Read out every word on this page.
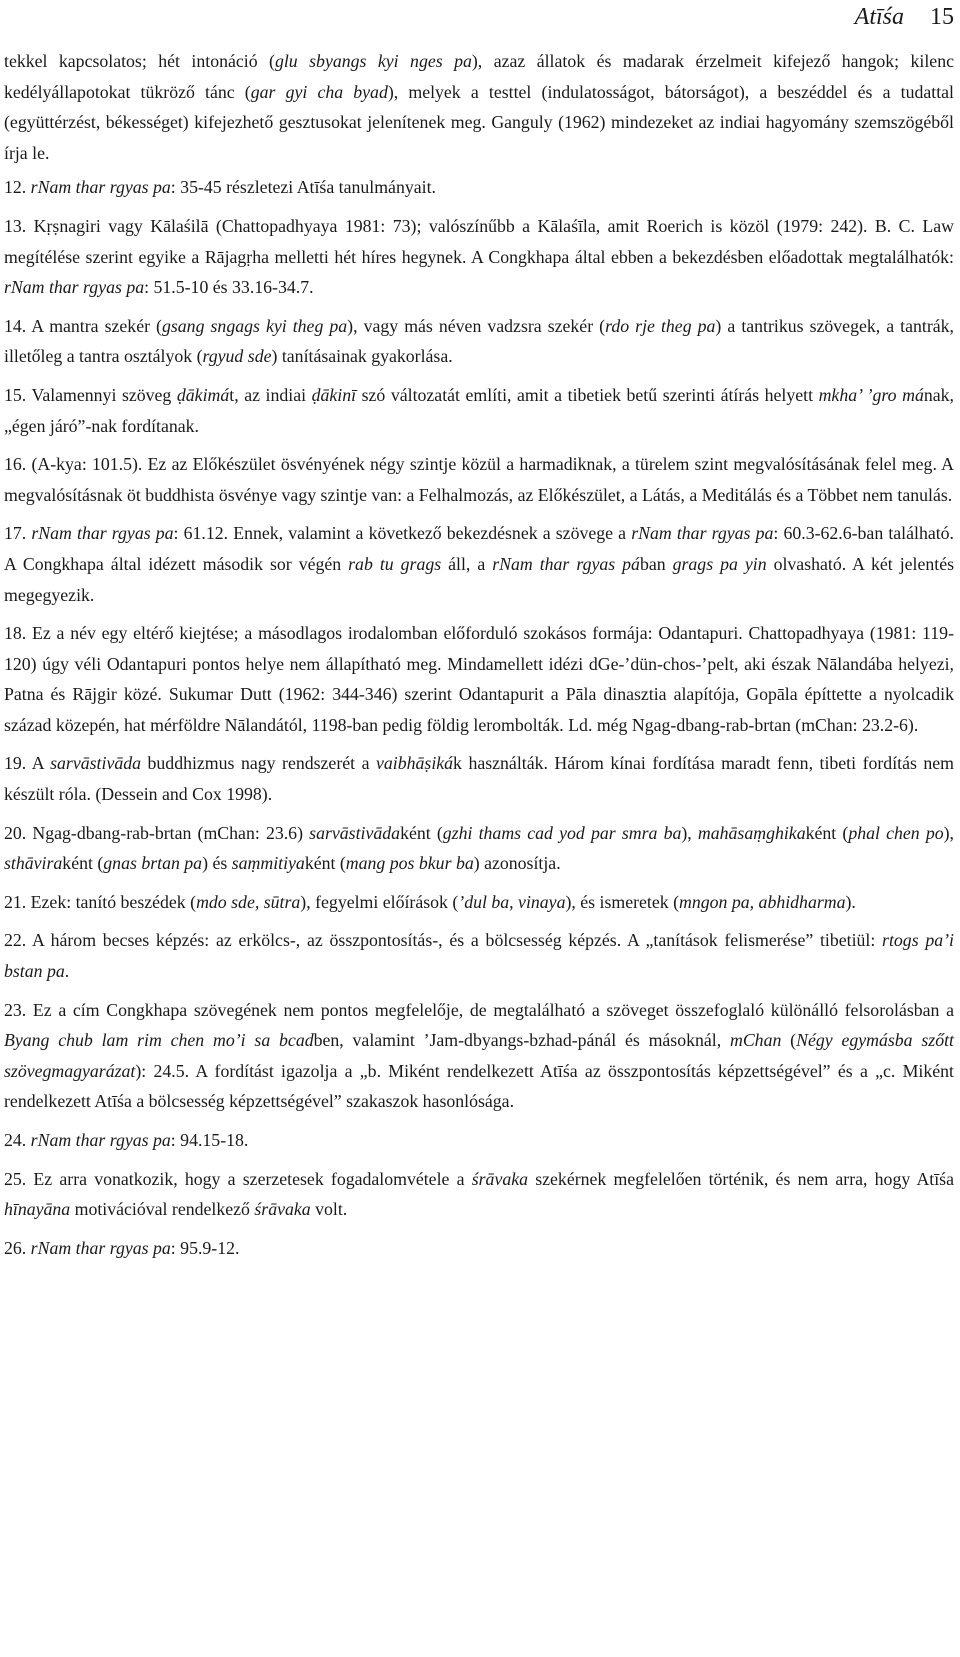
Atīśa 15

tekkel kapcsolatos; hét intonáció (glu sbyangs kyi nges pa), azaz állatok és madarak érzelmeit kifejező hangok; kilenc kedélyállapotokat tükröző tánc (gar gyi cha byad), melyek a testtel (indulatosságot, bátorságot), a beszéddel és a tudattal (együttérzést, békességet) kifejezhető gesztusokat jelenítenek meg. Ganguly (1962) mindezeket az indiai hagyomány szemszögéből írja le.

12. rNam thar rgyas pa: 35-45 részletezi Atīśa tanulmányait.

13. Kṛṣnagiri vagy Kālaśilā (Chattopadhyaya 1981: 73); valószínűbb a Kālaśīla, amit Roerich is közöl (1979: 242). B. C. Law megítélése szerint egyike a Rājagṛha melletti hét híres hegynek. A Congkhapa által ebben a bekezdésben előadottak megtalálhatók: rNam thar rgyas pa: 51.5-10 és 33.16-34.7.

14. A mantra szekér (gsang sngags kyi theg pa), vagy más néven vadzsra szekér (rdo rje theg pa) a tantrikus szövegek, a tantrák, illetőleg a tantra osztályok (rgyud sde) tanításainak gyakorlása.

15. Valamennyi szöveg ḍākimát, az indiai ḍākinī szó változatát említi, amit a tibetiek betű szerinti átírás helyett mkha’ ’gro mának, „égen járó”-nak fordítanak.

16. (A-kya: 101.5). Ez az Előkészület ösvényének négy szintje közül a harmadiknak, a türelem szint megvalósításának felel meg. A megvalósításnak öt buddhista ösvénye vagy szintje van: a Felhalmozás, az Előkészület, a Látás, a Meditálás és a Többet nem tanulás.

17. rNam thar rgyas pa: 61.12. Ennek, valamint a következő bekezdésnek a szövege a rNam thar rgyas pa: 60.3-62.6-ban található. A Congkhapa által idézett második sor végén rab tu grags áll, a rNam thar rgyas pában grags pa yin olvasható. A két jelentés megegyezik.

18. Ez a név egy eltérő kiejtése; a másodlagos irodalomban előforduló szokásos formája: Odantapuri. Chattopadhyaya (1981: 119-120) úgy véli Odantapuri pontos helye nem állapítható meg. Mindamellett idézi dGe-’dün-chos-’pelt, aki észak Nālandába helyezi, Patna és Rājgir közé. Sukumar Dutt (1962: 344-346) szerint Odantapurit a Pāla dinasztia alapítója, Gopāla építtette a nyolcadik század közepén, hat mérföldre Nālandától, 1198-ban pedig földig lerombolták. Ld. még Ngag-dbang-rab-brtan (mChan: 23.2-6).

19. A sarvāstivāda buddhizmus nagy rendszerét a vaibhāṣikák használták. Három kínai fordítása maradt fenn, tibeti fordítás nem készült róla. (Dessein and Cox 1998).

20. Ngag-dbang-rab-brtan (mChan: 23.6) sarvāstivādaként (gzhi thams cad yod par smra ba), mahāsaṃghikaként (phal chen po), sthāviraként (gnas brtan pa) és saṃmitiyaként (mang pos bkur ba) azonosítja.

21. Ezek: tanító beszédek (mdo sde, sūtra), fegyelmi előírások (’dul ba, vinaya), és ismeretek (mngon pa, abhidharma).

22. A három becses képzés: az erkölcs-, az összpontosítás-, és a bölcsesség képzés. A „tanítások felismerése” tibetiül: rtogs pa’i bstan pa.

23. Ez a cím Congkhapa szövegének nem pontos megfelelője, de megtalálható a szöveget összefoglaló különálló felsorolásban a Byang chub lam rim chen mo’i sa bcadben, valamint ’Jam-dbyangs-bzhad-pánál és másoknál, mChan (Négy egymásba szőtt szövegmagyarázat): 24.5. A fordítást igazolja a „b. Miként rendelkezett Atīśa az összpontosítás képzettségével” és a „c. Miként rendelkezett Atīśa a bölcsesség képzettségével” szakaszok hasonlósága.

24. rNam thar rgyas pa: 94.15-18.

25. Ez arra vonatkozik, hogy a szerzetesek fogadalomvétele a śrāvaka szekérnek megfelelően történik, és nem arra, hogy Atīśa hīnayāna motivációval rendelkező śrāvaka volt.

26. rNam thar rgyas pa: 95.9-12.
